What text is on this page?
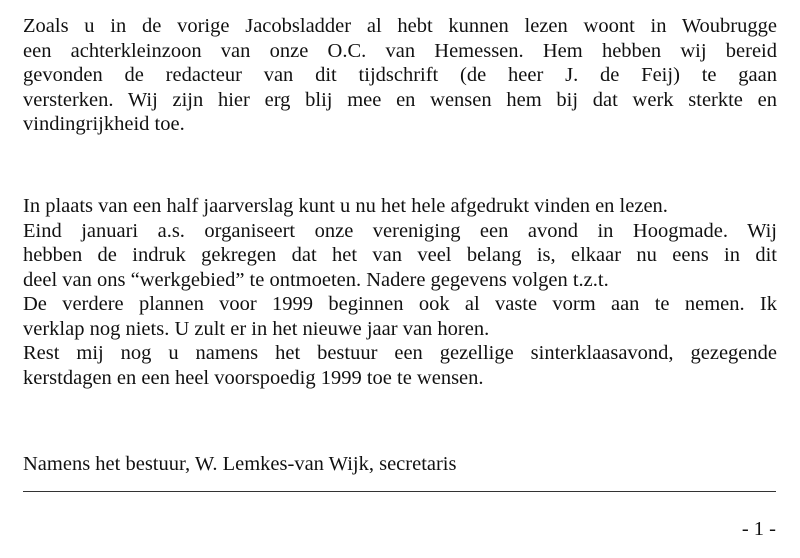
Zoals u in de vorige Jacobsladder al hebt kunnen lezen woont in Woubrugge
een achterkleinzoon van onze O.C. van Hemessen. Hem hebben wij bereid
gevonden de redacteur van dit tijdschrift (de heer J. de Feij) te gaan
versterken. Wij zijn hier erg blij mee en wensen hem bij dat werk sterkte en
vindingrijkheid toe.
In plaats van een half jaarverslag kunt u nu het hele afgedrukt vinden en lezen.
Eind januari a.s. organiseert onze vereniging een avond in Hoogmade. Wij
hebben de indruk gekregen dat het van veel belang is, elkaar nu eens in dit
deel van ons “werkgebied” te ontmoeten. Nadere gegevens volgen t.z.t.
De verdere plannen voor 1999 beginnen ook al vaste vorm aan te nemen. Ik
verklap nog niets. U zult er in het nieuwe jaar van horen.
Rest mij nog u namens het bestuur een gezellige sinterklaasavond, gezegende
kerstdagen en een heel voorspoedig 1999 toe te wensen.

Namens het bestuur, W. Lemkes-van Wijk, secretaris

- 1 -
